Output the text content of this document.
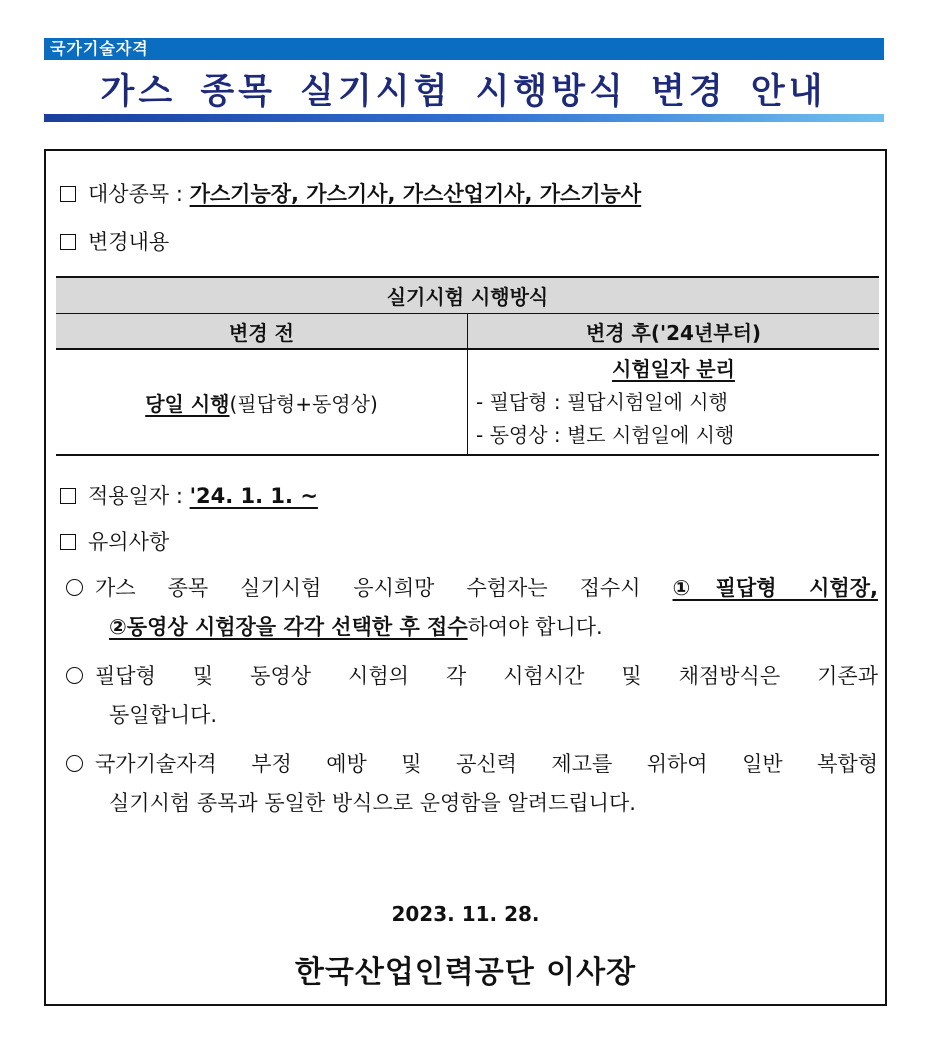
국가기술자격
가스 종목 실기시험 시행방식 변경 안내
대상종목 : 가스기능장, 가스기사, 가스산업기사, 가스기능사
변경내용
실기시험 시행방식	
변경 전	변경 후('24년부터)
당일 시행(필답형+동영상)	시험일자 분리
- 필답형 : 필답시험일에 시행
- 동영상 : 별도 시험일에 시행
적용일자 : '24. 1. 1. ~
유의사항
가스 종목 실기시험 응시희망 수험자는 접수시 ①필답형 시험장,
②동영상 시험장을 각각 선택한 후 접수하여야 합니다.
필답형 및 동영상 시험의 각 시험시간 및 채점방식은 기존과
동일합니다.
국가기술자격 부정 예방 및 공신력 제고를 위하여 일반 복합형
실기시험 종목과 동일한 방식으로 운영함을 알려드립니다.
2023. 11. 28.
한국산업인력공단 이사장
